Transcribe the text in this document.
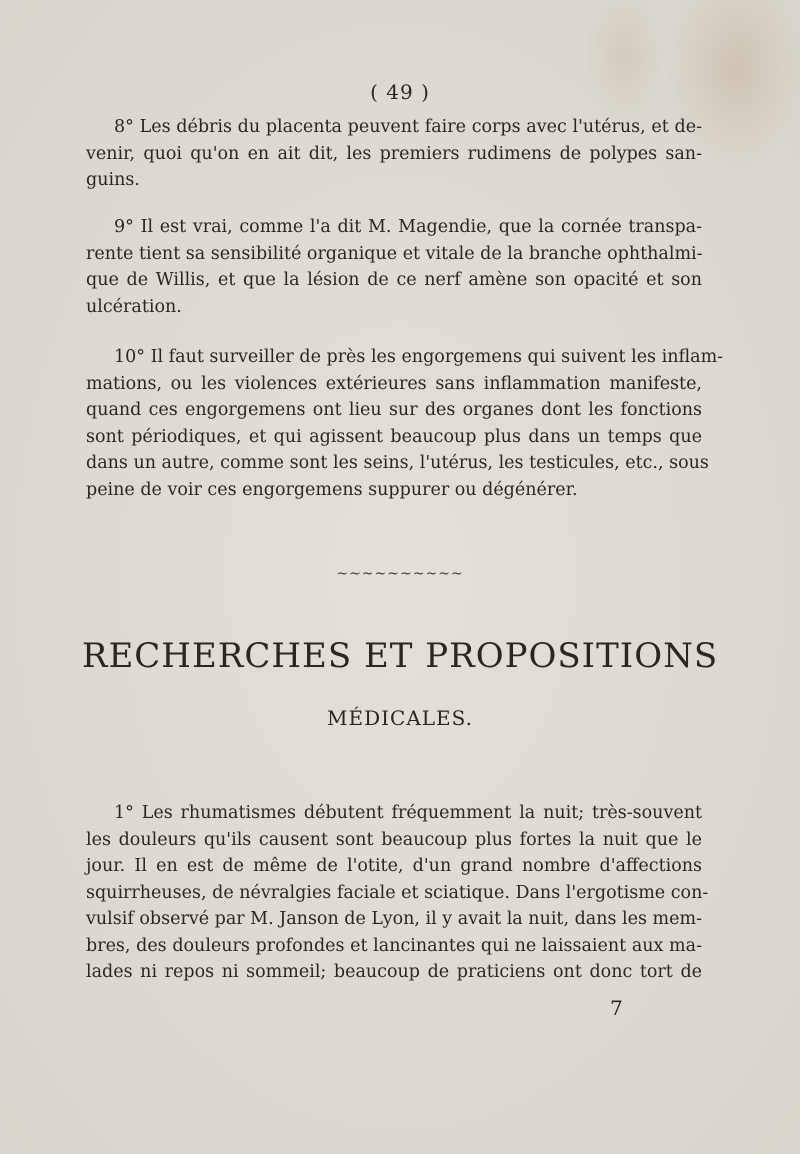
( 49 )
8° Les débris du placenta peuvent faire corps avec l'utérus, et de-
venir, quoi qu'on en ait dit, les premiers rudimens de polypes san-
guins.
9° Il est vrai, comme l'a dit M. Magendie, que la cornée transpa-
rente tient sa sensibilité organique et vitale de la branche ophthalmi-
que de Willis, et que la lésion de ce nerf amène son opacité et son
ulcération.
10° Il faut surveiller de près les engorgemens qui suivent les inflam-
mations, ou les violences extérieures sans inflammation manifeste,
quand ces engorgemens ont lieu sur des organes dont les fonctions
sont périodiques, et qui agissent beaucoup plus dans un temps que
dans un autre, comme sont les seins, l'utérus, les testicules, etc., sous
peine de voir ces engorgemens suppurer ou dégénérer.
~~~~~~~~~~
RECHERCHES ET PROPOSITIONS
MÉDICALES.
1° Les rhumatismes débutent fréquemment la nuit; très-souvent
les douleurs qu'ils causent sont beaucoup plus fortes la nuit que le
jour. Il en est de même de l'otite, d'un grand nombre d'affections
squirrheuses, de névralgies faciale et sciatique. Dans l'ergotisme con-
vulsif observé par M. Janson de Lyon, il y avait la nuit, dans les mem-
bres, des douleurs profondes et lancinantes qui ne laissaient aux ma-
lades ni repos ni sommeil; beaucoup de praticiens ont donc tort de
7
